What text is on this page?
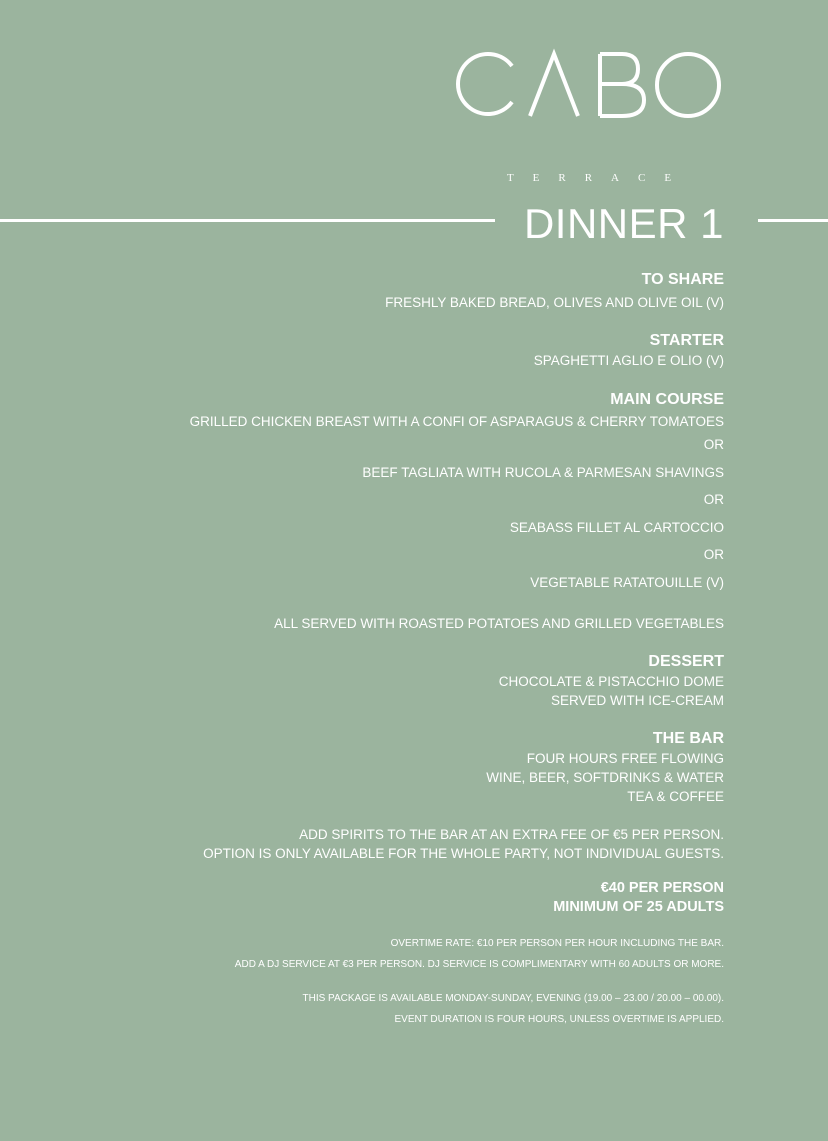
TERRACE
DINNER 1
TO SHARE
FRESHLY BAKED BREAD, OLIVES AND OLIVE OIL (V)
STARTER
SPAGHETTI AGLIO E OLIO (V)
MAIN COURSE
GRILLED CHICKEN BREAST WITH A CONFI OF ASPARAGUS & CHERRY TOMATOES
OR
BEEF TAGLIATA WITH RUCOLA & PARMESAN SHAVINGS
OR
SEABASS FILLET AL CARTOCCIO
OR
VEGETABLE RATATOUILLE (V)
ALL SERVED WITH ROASTED POTATOES AND GRILLED VEGETABLES
DESSERT
CHOCOLATE & PISTACCHIO DOME
SERVED WITH ICE-CREAM
THE BAR
FOUR HOURS FREE FLOWING
WINE, BEER, SOFTDRINKS & WATER
TEA & COFFEE
ADD SPIRITS TO THE BAR AT AN EXTRA FEE OF €5 PER PERSON.
OPTION IS ONLY AVAILABLE FOR THE WHOLE PARTY, NOT INDIVIDUAL GUESTS.
€40 PER PERSON
MINIMUM OF 25 ADULTS
OVERTIME RATE: €10 PER PERSON PER HOUR INCLUDING THE BAR.
ADD A DJ SERVICE AT €3 PER PERSON. DJ SERVICE IS COMPLIMENTARY WITH 60 ADULTS OR MORE.
THIS PACKAGE IS AVAILABLE MONDAY-SUNDAY, EVENING (19.00 – 23.00 / 20.00 – 00.00).
EVENT DURATION IS FOUR HOURS, UNLESS OVERTIME IS APPLIED.
